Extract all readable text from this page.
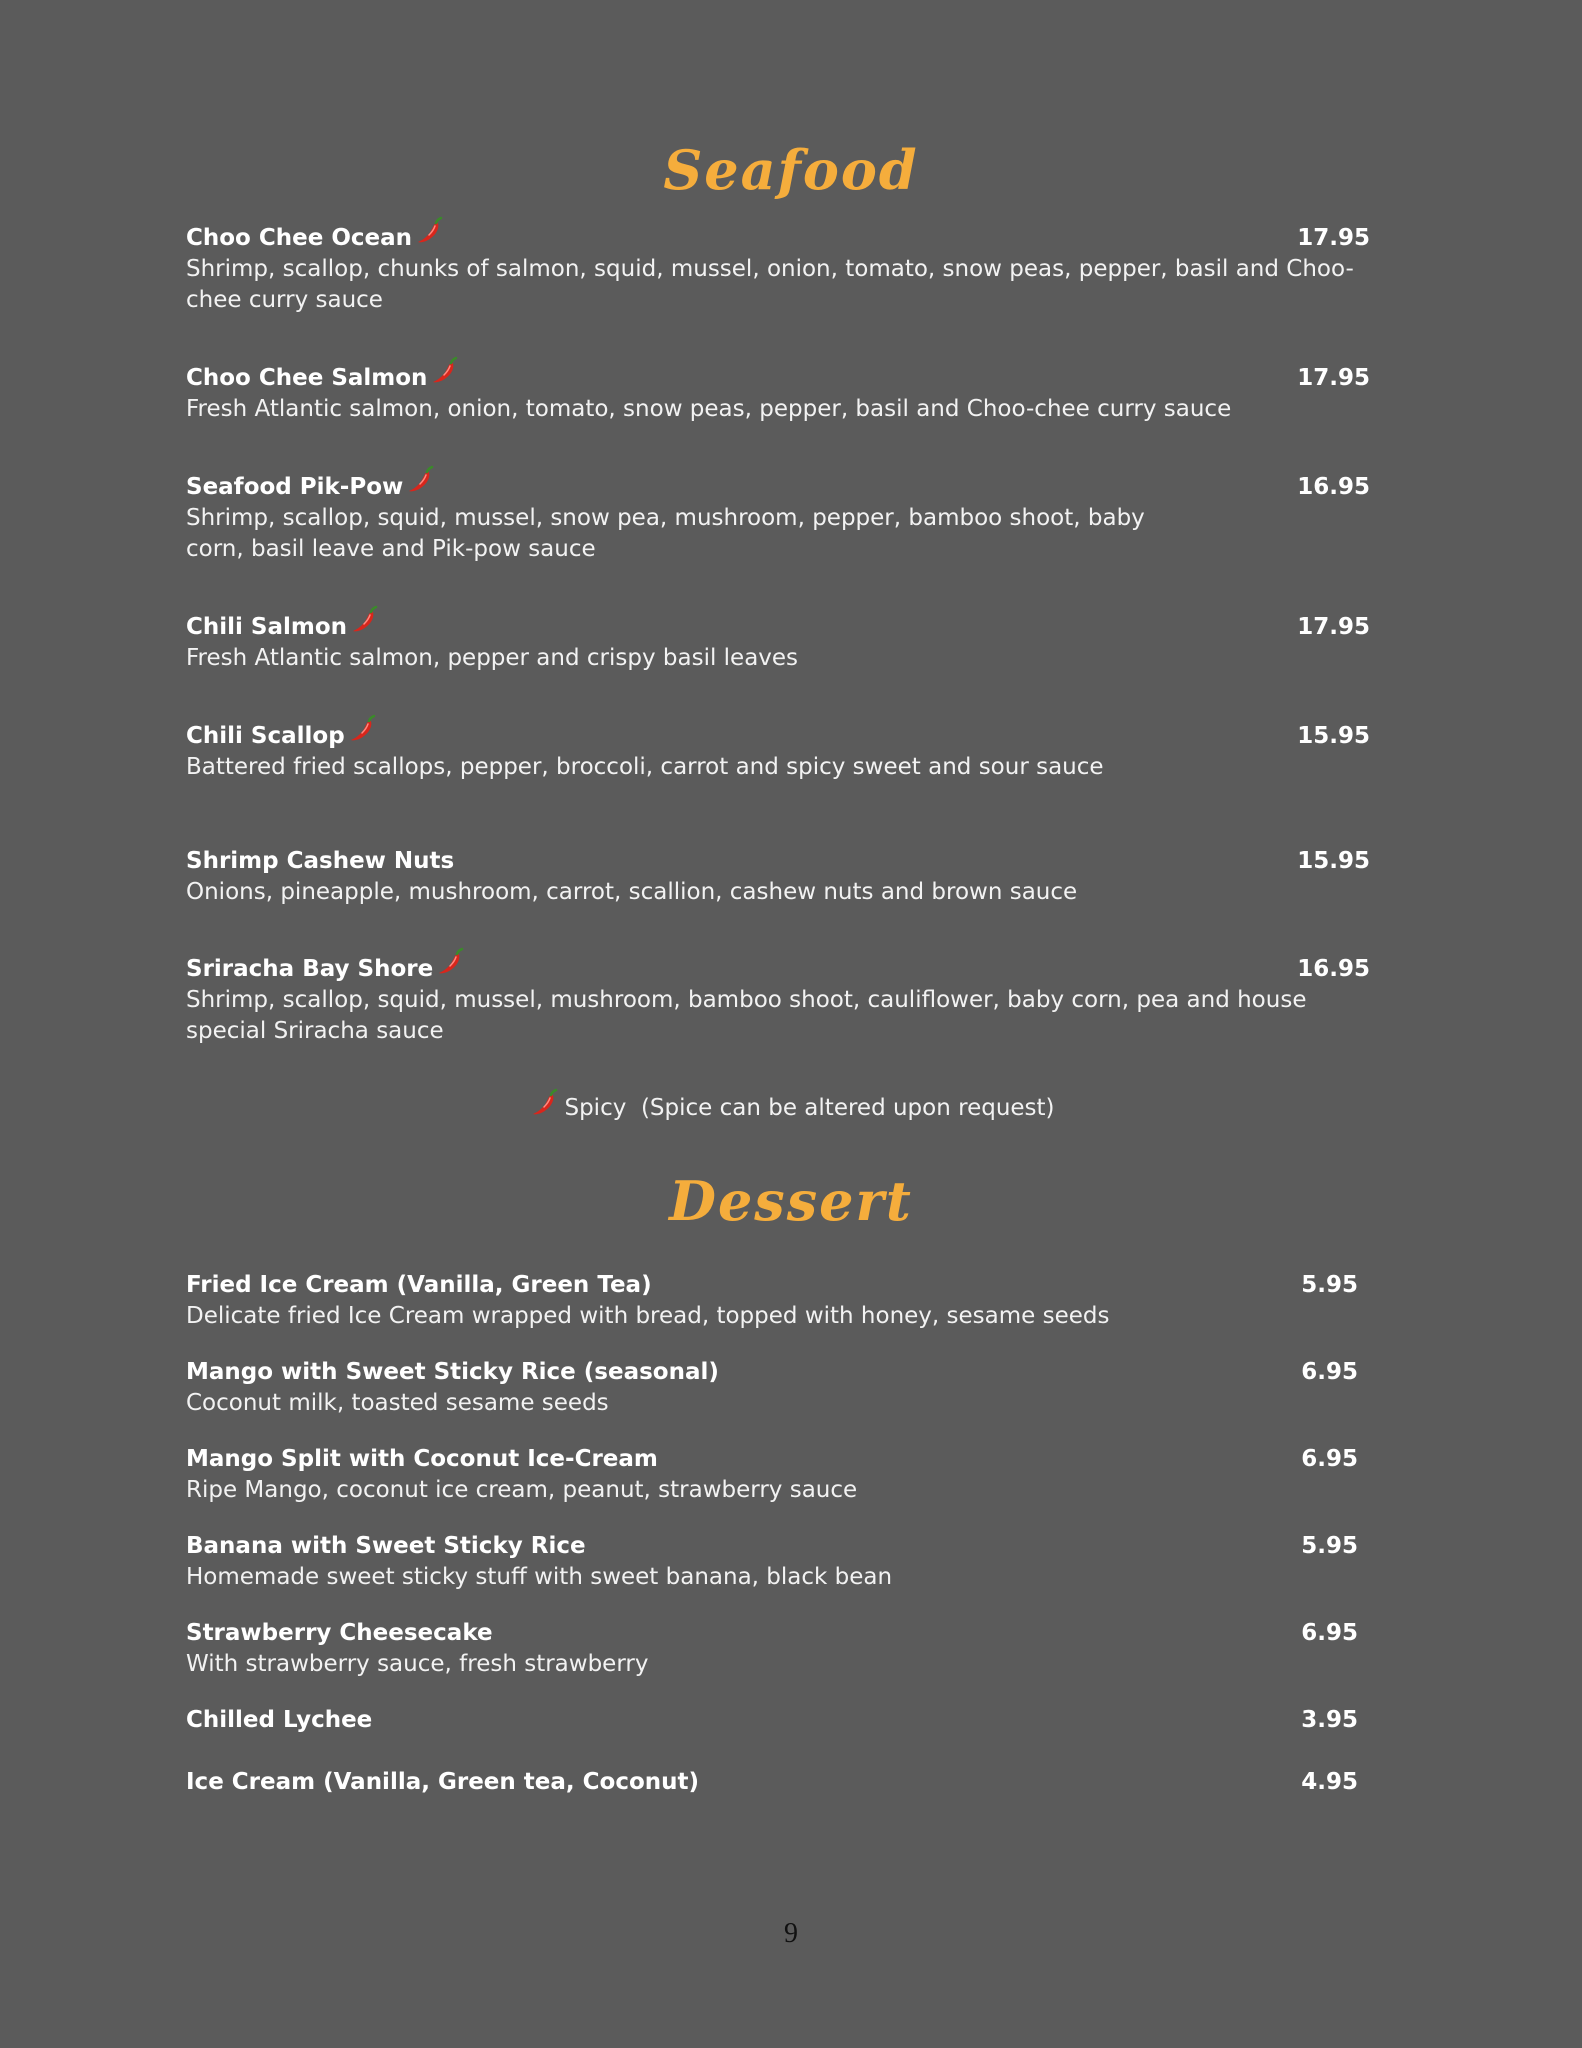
Seafood
Choo Chee Ocean	17.95
Shrimp, scallop, chunks of salmon, squid, mussel, onion, tomato, snow peas, pepper, basil and Choo-chee curry sauce
Choo Chee Salmon	17.95
Fresh Atlantic salmon, onion, tomato, snow peas, pepper, basil and Choo-chee curry sauce
Seafood Pik-Pow	16.95
Shrimp, scallop, squid, mussel, snow pea, mushroom, pepper, bamboo shoot, baby corn, basil leave and Pik-pow sauce
Chili Salmon	17.95
Fresh Atlantic salmon, pepper and crispy basil leaves
Chili Scallop	15.95
Battered fried scallops, pepper, broccoli, carrot and spicy sweet and sour sauce
Shrimp Cashew Nuts	15.95
Onions, pineapple, mushroom, carrot, scallion, cashew nuts and brown sauce
Sriracha Bay Shore	16.95
Shrimp, scallop, squid, mussel, mushroom, bamboo shoot, cauliflower, baby corn, pea and house special Sriracha sauce
Spicy  (Spice can be altered upon request)
Dessert
Fried Ice Cream (Vanilla, Green Tea)	5.95
Delicate fried Ice Cream wrapped with bread, topped with honey, sesame seeds
Mango with Sweet Sticky Rice (seasonal)	6.95
Coconut milk, toasted sesame seeds
Mango Split with Coconut Ice-Cream	6.95
Ripe Mango, coconut ice cream, peanut, strawberry sauce
Banana with Sweet Sticky Rice	5.95
Homemade sweet sticky stuff with sweet banana, black bean
Strawberry Cheesecake	6.95
With strawberry sauce, fresh strawberry
Chilled Lychee	3.95
Ice Cream (Vanilla, Green tea, Coconut)	4.95
9
